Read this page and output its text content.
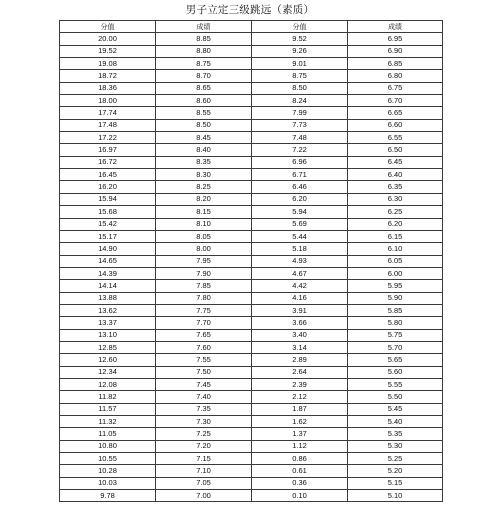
男子立定三级跳远（素质）
分值	成绩	分值	成绩
20.00	8.85	9.52	6.95
19.52	8.80	9.26	6.90
19.08	8.75	9.01	6.85
18.72	8.70	8.75	6.80
18.36	8.65	8.50	6.75
18.00	8.60	8.24	6.70
17.74	8.55	7.99	6.65
17.48	8.50	7.73	6.60
17.22	8.45	7.48	6.55
16.97	8.40	7.22	6.50
16.72	8.35	6.96	6.45
16.45	8.30	6.71	6.40
16.20	8.25	6.46	6.35
15.94	8.20	6.20	6.30
15.68	8.15	5.94	6.25
15.42	8.10	5.69	6.20
15.17	8.05	5.44	6.15
14.90	8.00	5.18	6.10
14.65	7.95	4.93	6.05
14.39	7.90	4.67	6.00
14.14	7.85	4.42	5.95
13.88	7.80	4.16	5.90
13.62	7.75	3.91	5.85
13.37	7.70	3.66	5.80
13.10	7.65	3.40	5.75
12.85	7.60	3.14	5.70
12.60	7.55	2.89	5.65
12.34	7.50	2.64	5.60
12.08	7.45	2.39	5.55
11.82	7.40	2.12	5.50
11.57	7.35	1.87	5.45
11.32	7.30	1.62	5.40
11.05	7.25	1.37	5.35
10.80	7.20	1.12	5.30
10.55	7.15	0.86	5.25
10.28	7.10	0.61	5.20
10.03	7.05	0.36	5.15
9.78	7.00	0.10	5.10
